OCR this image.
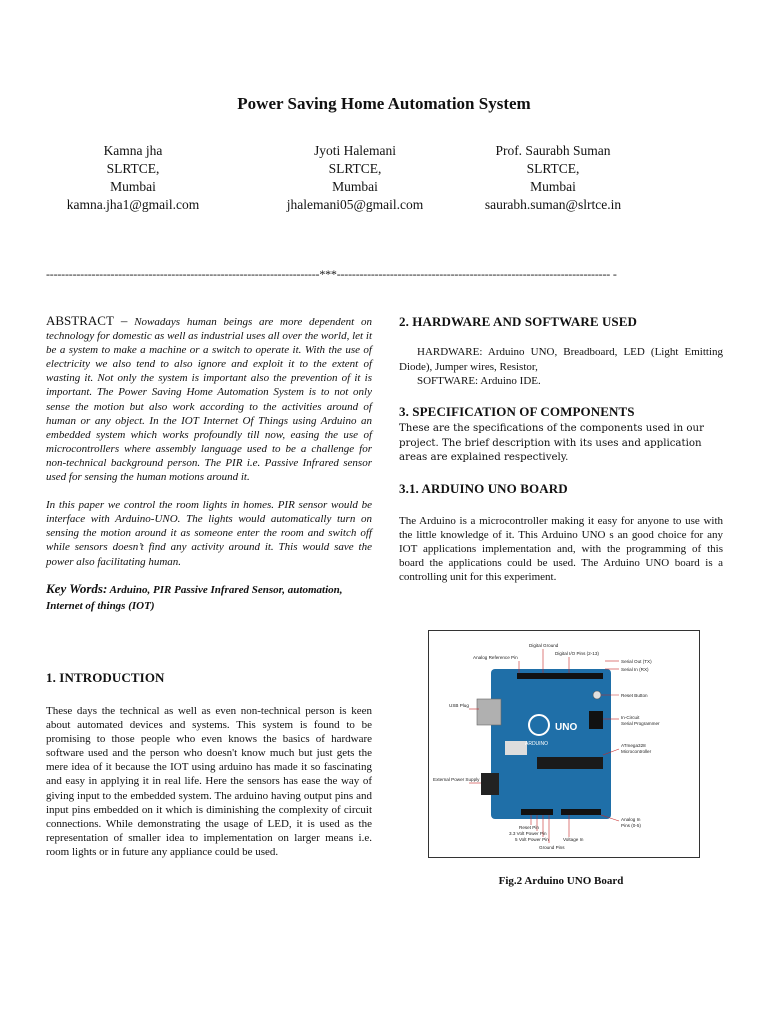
Power Saving Home Automation System
Kamna jha
SLRTCE,
Mumbai
kamna.jha1@gmail.com
Jyoti Halemani
SLRTCE,
Mumbai
jhalemani05@gmail.com
Prof. Saurabh Suman
SLRTCE,
Mumbai
saurabh.suman@slrtce.in
------------------------------------------------------------------------***------------------------------------------------------------------------ -

ABSTRACT – Nowadays human beings are more dependent on technology for domestic as well as industrial uses all over the world, let it be a system to make a machine or a switch to operate it. With the use of electricity we also tend to also ignore and exploit it to the extent of wasting it. Not only the system is important also the prevention of it is important. The Power Saving Home Automation System is to not only sense the motion but also work according to the activities around of human or any object. In the IOT Internet Of Things using Arduino an embedded system which works profoundly till now, easing the use of microcontrollers where assembly language used to be a challenge for non-technical background person. The PIR i.e. Passive Infrared sensor used for sensing the human motions around it.

In this paper we control the room lights in homes. PIR sensor would be interface with Arduino-UNO. The lights would automatically turn on sensing the motion around it as someone enter the room and switch off while sensors doesn’t find any activity around it. This would save the power also facilitating human.

Key Words: Arduino, PIR Passive Infrared Sensor, automation, Internet of things (IOT)

1. INTRODUCTION

These days the technical as well as even non-technical person is keen about automated devices and systems. This system is found to be promising to those people who even knows the basics of hardware software used and the person who doesn't know much but just gets the mere idea of it because the IOT using arduino has made it so fascinating and easy in applying it in real life. Here the sensors has ease the way of giving input to the embedded system. The arduino having output pins and input pins embedded on it which is diminishing the complexity of circuit connections. While demonstrating the usage of LED, it is used as the representation of smaller idea to implementation on larger means i.e. room lights or in future any appliance could be used.

2. HARDWARE AND SOFTWARE USED

HARDWARE: Arduino UNO, Breadboard, LED (Light Emitting Diode), Jumper wires, Resistor,

SOFTWARE: Arduino IDE.

3. SPECIFICATION OF COMPONENTS

These are the specifications of the components used in our project. The brief description with its uses and application areas are explained respectively.

3.1. ARDUINO UNO BOARD

The Arduino is a microcontroller making it easy for anyone to use with the little knowledge of it. This Arduino UNO s an good choice for any IOT applications implementation and, with the programming of this board the applications could be used. The Arduino UNO board is a controlling unit for this experiment.

UNO
ARDUINO
Digital Ground
Analog Reference Pin
Digital I/O Pins (2-13)
Serial Out (TX)
Serial In (RX)
USB Plug
Reset Button
In-Circuit
Serial Programmer
ATmega328
Microcontroller
External Power Supply
Reset Pin
3.3 Volt Power Pin
5 Volt Power Pin
Ground Pins
Voltage In
Analog In
Pins (0-5)
Fig.2 Arduino UNO Board
